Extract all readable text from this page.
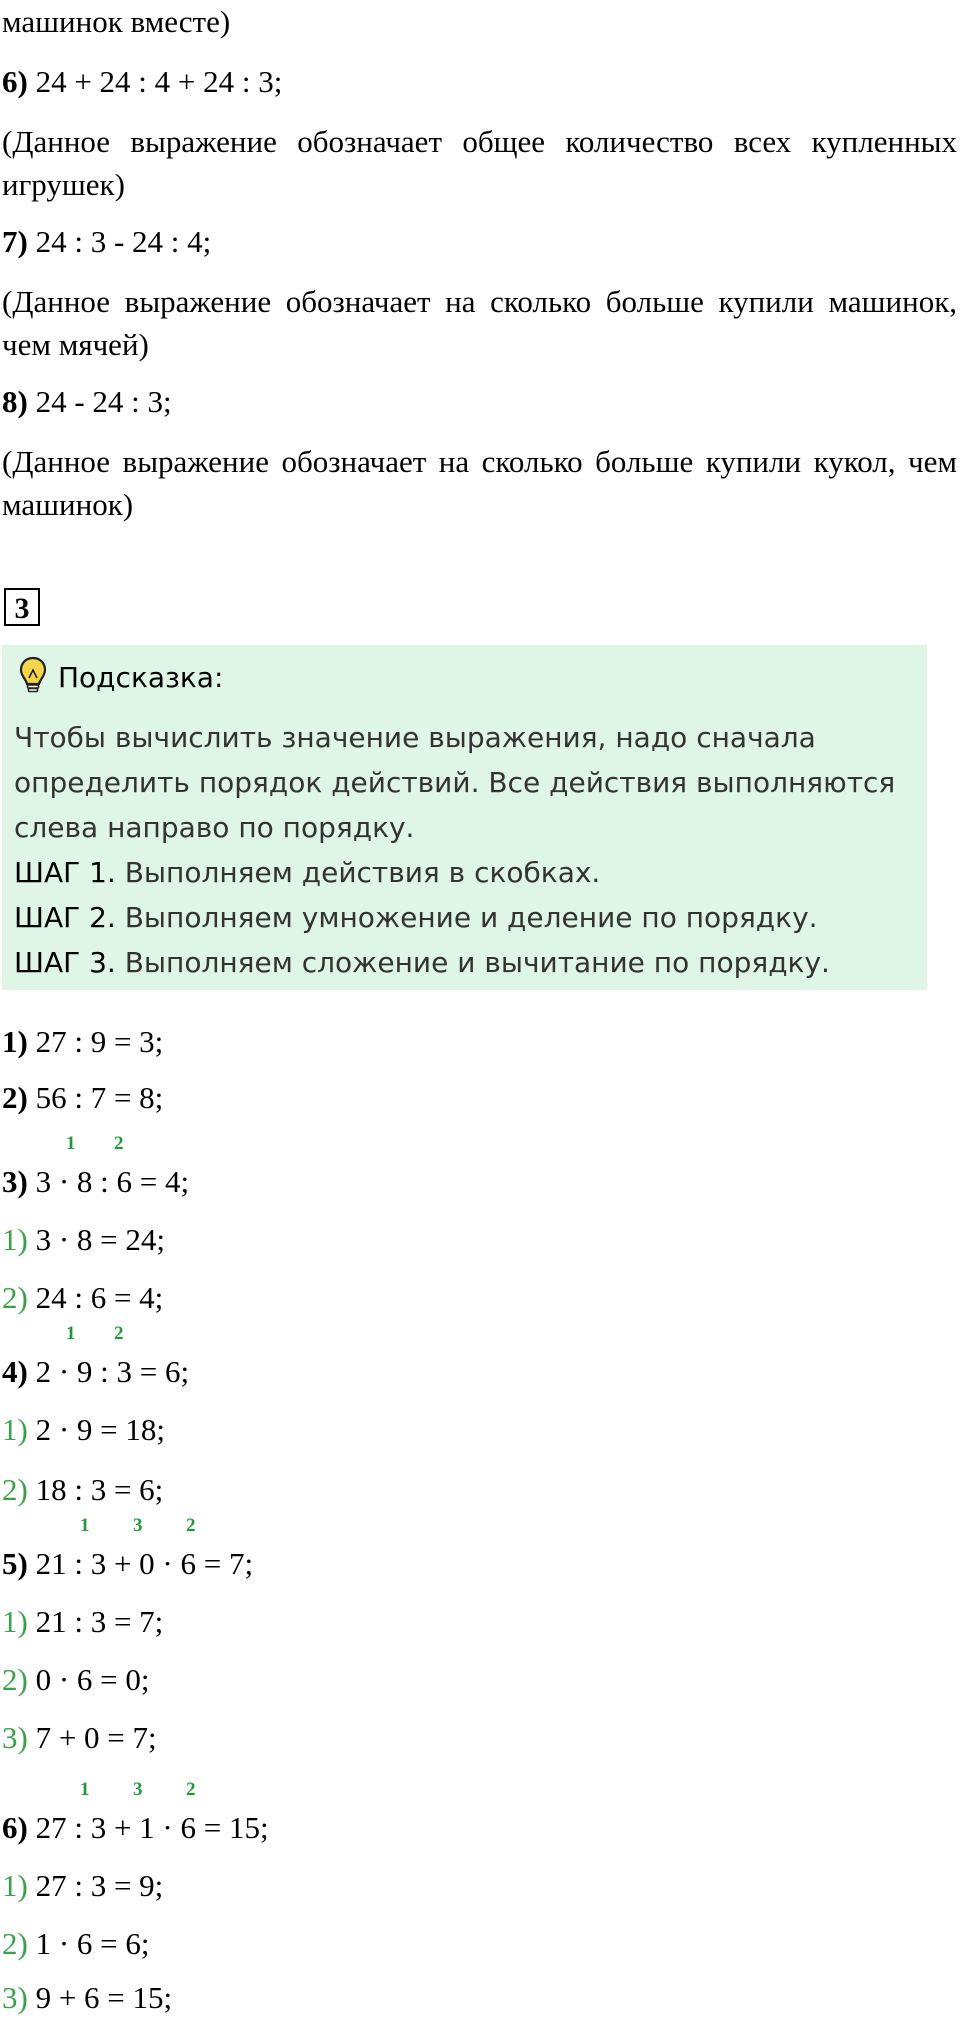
машинок вместе)
6) 24 + 24 : 4 + 24 : 3;
(Данное выражение обозначает общее количество всех купленных игрушек)
7) 24 : 3 - 24 : 4;
(Данное выражение обозначает на сколько больше купили машинок, чем мячей)
8) 24 - 24 : 3;
(Данное выражение обозначает на сколько больше купили кукол, чем машинок)
3
Подсказка:
Чтобы вычислить значение выражения, надо сначала определить порядок действий. Все действия выполняются слева направо по порядку.
ШАГ 1. Выполняем действия в скобках.
ШАГ 2. Выполняем умножение и деление по порядку.
ШАГ 3. Выполняем сложение и вычитание по порядку.
1) 27 : 9 = 3;
2) 56 : 7 = 8;
1 2
3) 3 · 8 : 6 = 4;
1) 3 · 8 = 24;
2) 24 : 6 = 4;
1 2
4) 2 · 9 : 3 = 6;
1) 2 · 9 = 18;
2) 18 : 3 = 6;
1 3 2
5) 21 : 3 + 0 · 6 = 7;
1) 21 : 3 = 7;
2) 0 · 6 = 0;
3) 7 + 0 = 7;
1 3 2
6) 27 : 3 + 1 · 6 = 15;
1) 27 : 3 = 9;
2) 1 · 6 = 6;
3) 9 + 6 = 15;
